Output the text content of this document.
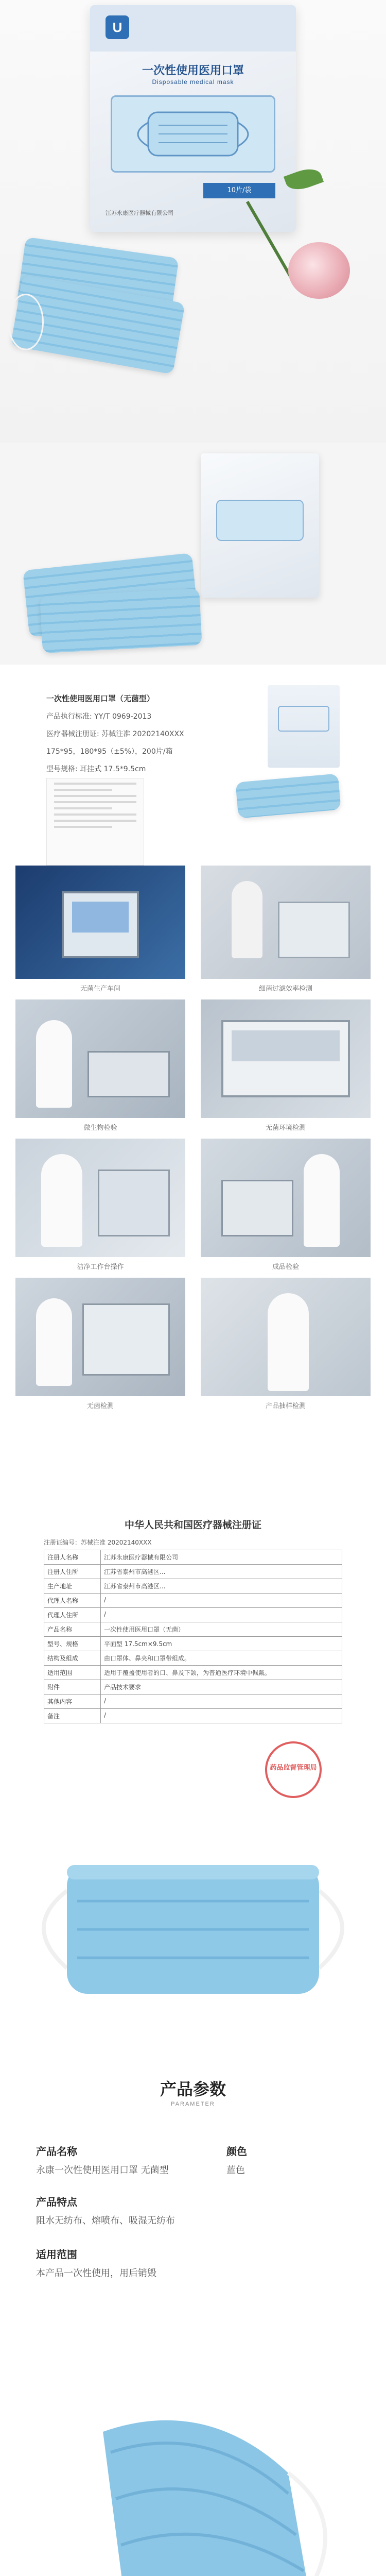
U
一次性使用医用口罩
Disposable medical mask
10片/袋
江苏永康医疗器械有限公司
一次性使用医用口罩（无菌型）
产品执行标准: YY/T 0969-2013
医疗器械注册证: 苏械注准 20202140XXX
175*95，180*95（±5%），200片/箱
型号规格: 耳挂式 17.5*9.5cm
无菌生产车间	细菌过滤效率检测
微生物检验	无菌环境检测
洁净工作台操作	成品检验
无菌检测	产品抽样检测
中华人民共和国医疗器械注册证
注册证编号：苏械注准 20202140XXX
注册人名称	江苏永康医疗器械有限公司
注册人住所	江苏省泰州市高港区...
生产地址	江苏省泰州市高港区...
代理人名称	/
代理人住所	/
产品名称	一次性使用医用口罩（无菌）
型号、规格	平面型 17.5cm×9.5cm
结构及组成	由口罩体、鼻夹和口罩带组成。
适用范围	适用于覆盖使用者的口、鼻及下颌，为普通医疗环境中佩戴。
附件	产品技术要求
其他内容	/
备注	/
药品监督管理局
产品参数
PARAMETER
产品名称
永康一次性使用医用口罩 无菌型
颜色
蓝色
产品特点
阻水无纺布、熔喷布、吸湿无纺布
适用范围
本产品一次性使用，用后销毁
